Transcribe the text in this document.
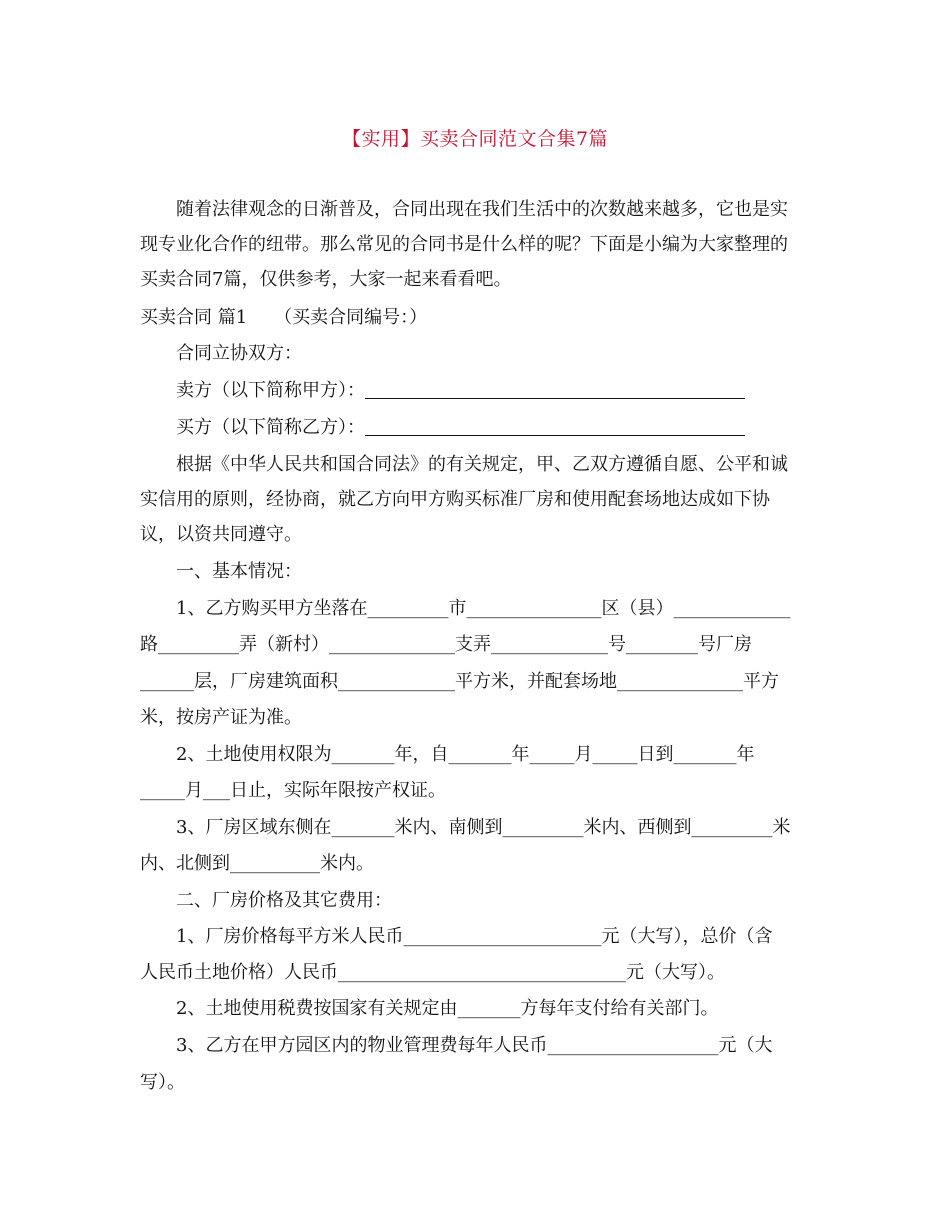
【实用】买卖合同范文合集7篇
随着法律观念的日渐普及，合同出现在我们生活中的次数越来越多，它也是实
现专业化合作的纽带。那么常见的合同书是什么样的呢？下面是小编为大家整理的
买卖合同7篇，仅供参考，大家一起来看看吧。
买卖合同 篇1　　（买卖合同编号：）
合同立协双方：
卖方（以下简称甲方）：
买方（以下简称乙方）：
根据《中华人民共和国合同法》的有关规定，甲、乙双方遵循自愿、公平和诚
实信用的原则，经协商，就乙方向甲方购买标准厂房和使用配套场地达成如下协
议，以资共同遵守。
一、基本情况：
1、乙方购买甲方坐落在_________市_______________区（县）_____________
路_________弄（新村）______________支弄_____________号________号厂房
______层，厂房建筑面积_____________平方米，并配套场地______________平方
米，按房产证为准。
2、土地使用权限为_______年，自_______年_____月_____日到_______年
_____月___日止，实际年限按产权证。
3、厂房区域东侧在_______米内、南侧到_________米内、西侧到_________米
内、北侧到__________米内。
二、厂房价格及其它费用：
1、厂房价格每平方米人民币______________________元（大写），总价（含
人民币土地价格）人民币________________________________元（大写）。
2、土地使用税费按国家有关规定由_______方每年支付给有关部门。
3、乙方在甲方园区内的物业管理费每年人民币___________________元（大
写）。
